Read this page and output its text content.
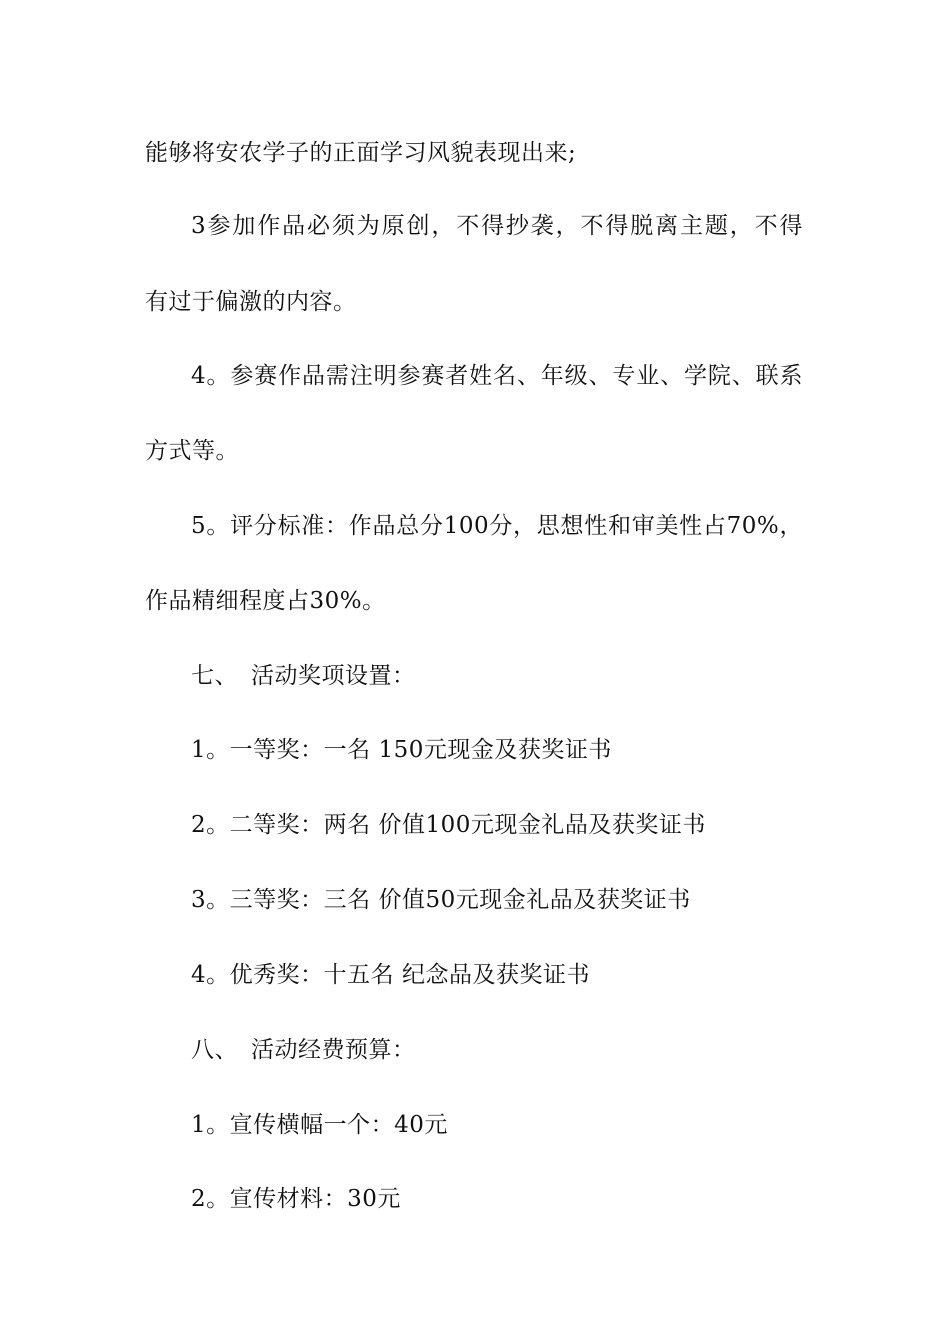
能够将安农学子的正面学习风貌表现出来;
3参加作品必须为原创，不得抄袭，不得脱离主题，不得
有过于偏激的内容。
4。参赛作品需注明参赛者姓名、年级、专业、学院、联系
方式等。
5。评分标准：作品总分100分，思想性和审美性占70%，
作品精细程度占30%。
七、 活动奖项设置：
1。一等奖：一名 150元现金及获奖证书
2。二等奖：两名 价值100元现金礼品及获奖证书
3。三等奖：三名 价值50元现金礼品及获奖证书
4。优秀奖：十五名 纪念品及获奖证书
八、 活动经费预算：
1。宣传横幅一个：40元
2。宣传材料：30元
